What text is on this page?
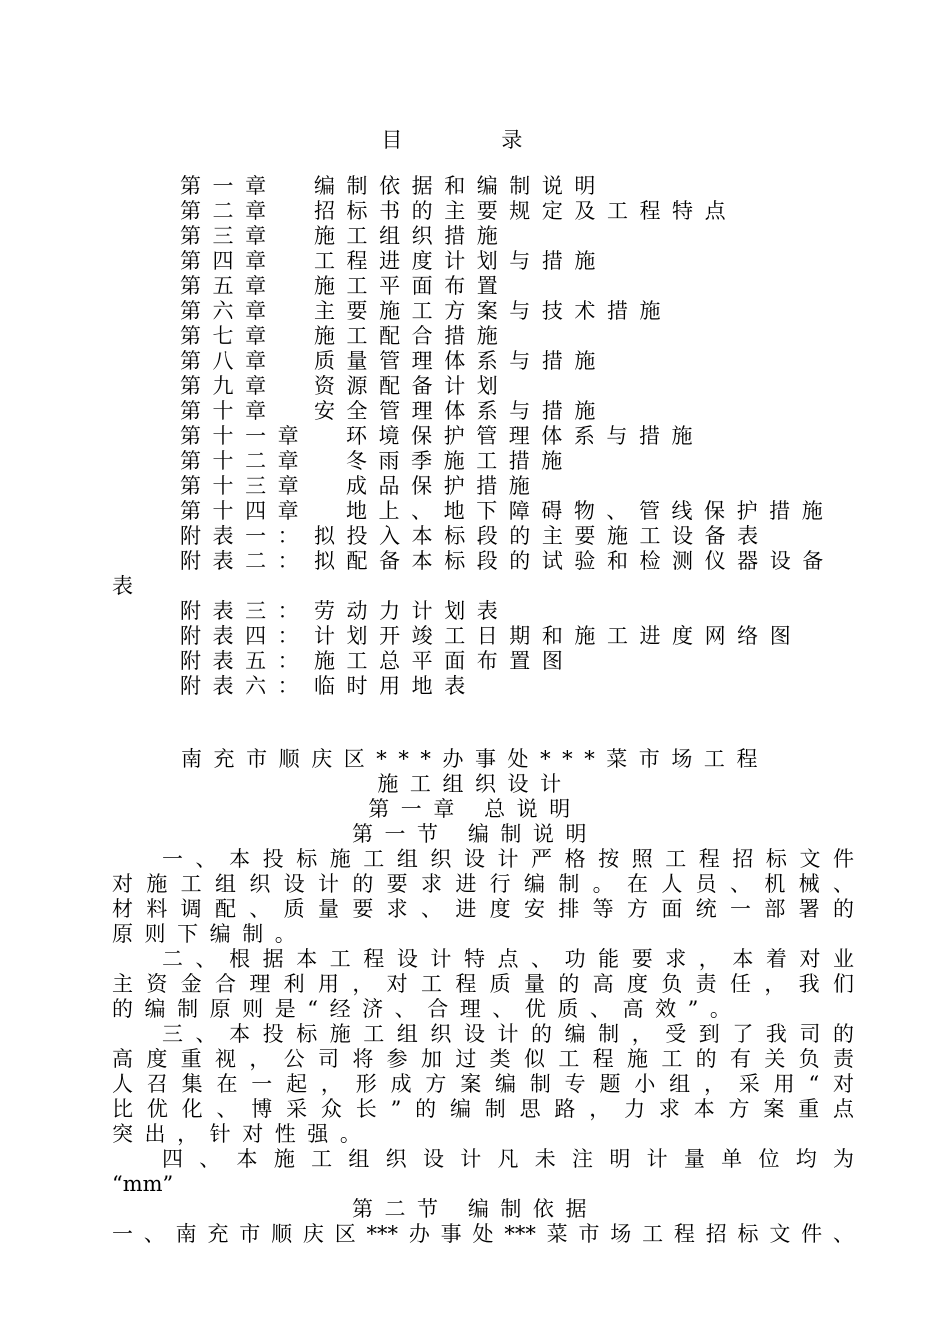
目 录
第一章 编制依据和编制说明
第二章 招标书的主要规定及工程特点
第三章 施工组织措施
第四章 工程进度计划与措施
第五章 施工平面布置
第六章 主要施工方案与技术措施
第七章 施工配合措施
第八章 质量管理体系与措施
第九章 资源配备计划
第十章 安全管理体系与措施
第十一章 环境保护管理体系与措施
第十二章 冬雨季施工措施
第十三章 成品保护措施
第十四章 地上、地下障碍物、管线保护措施
附表一： 拟投入本标段的主要施工设备表
附表二： 拟配备本标段的试验和检测仪器设备
表
附表三： 劳动力计划表
附表四： 计划开竣工日期和施工进度网络图
附表五： 施工总平面布置图
附表六： 临时用地表
南充市顺庆区***办事处***菜市场工程
施工组织设计
第一章 总说明
第一节 编制说明
一、本投标施工组织设计严格按照工程招标文件
对施工组织设计的要求进行编制。在人员、机械、
材料调配、质量要求、进度安排等方面统一部署的
原则下编制。
二、根据本工程设计特点、功能要求，本着对业
主资金合理利用，对工程质量的高度负责任，我们
的编制原则是“经济、合理、优质、高效”。
三、本投标施工组织设计的编制，受到了我司的
高度重视，公司将参加过类似工程施工的有关负责
人召集在一起，形成方案编制专题小组，采用“对
比优化、博采众长”的编制思路，力求本方案重点
突出，针对性强。
四、本施工组织设计凡未注明计量单位均为
“mm”
第二节 编制依据
一、南充市顺庆区***办事处***菜市场工程招标文件、
